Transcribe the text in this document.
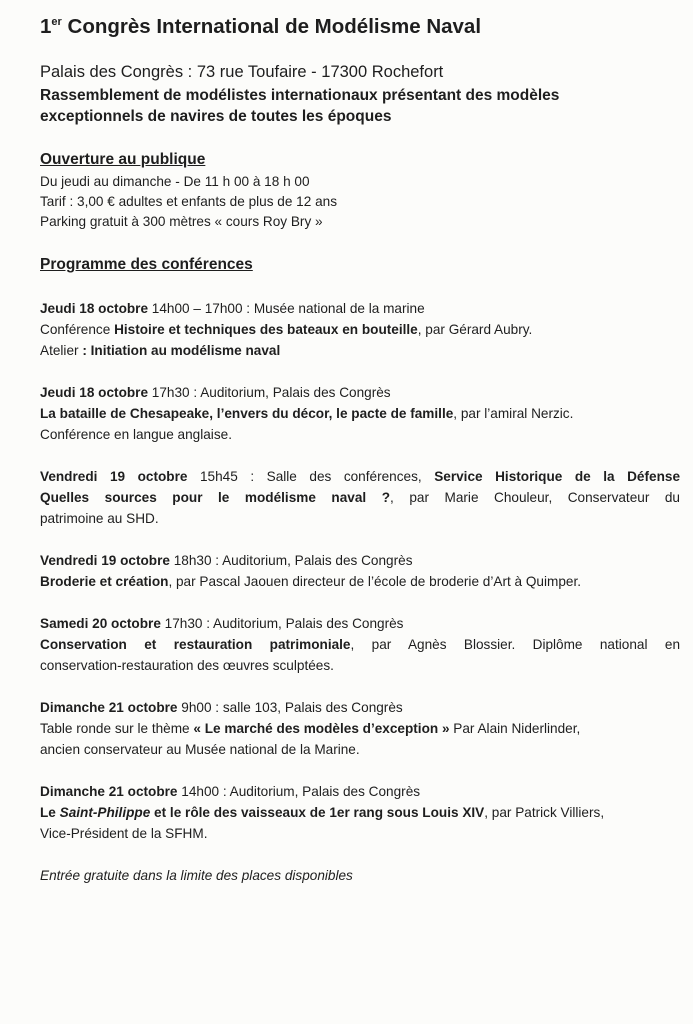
1er Congrès International de Modélisme Naval

Palais des Congrès : 73 rue Toufaire - 17300 Rochefort

Rassemblement de modélistes internationaux présentant des modèles

exceptionnels de navires de toutes les époques

Ouverture au publique

Du jeudi au dimanche - De 11 h 00 à 18 h 00

Tarif : 3,00 € adultes et enfants de plus de 12 ans

Parking gratuit à 300 mètres « cours Roy Bry »

Programme des conférences

Jeudi 18 octobre 14h00 – 17h00 : Musée national de la marine

Conférence Histoire et techniques des bateaux en bouteille, par Gérard Aubry.

Atelier : Initiation au modélisme naval

Jeudi 18 octobre 17h30 : Auditorium, Palais des Congrès

La bataille de Chesapeake, l’envers du décor, le pacte de famille, par l’amiral Nerzic.

Conférence en langue anglaise.

Vendredi 19 octobre 15h45 : Salle des conférences, Service Historique de la Défense

Quelles sources pour le modélisme naval ?, par Marie Chouleur, Conservateur du

patrimoine au SHD.

Vendredi 19 octobre 18h30 : Auditorium, Palais des Congrès

Broderie et création, par Pascal Jaouen directeur de l’école de broderie d’Art à Quimper.

Samedi 20 octobre 17h30 : Auditorium, Palais des Congrès

Conservation et restauration patrimoniale, par Agnès Blossier. Diplôme national en

conservation-restauration des œuvres sculptées.

Dimanche 21 octobre 9h00 : salle 103, Palais des Congrès

Table ronde sur le thème « Le marché des modèles d’exception » Par Alain Niderlinder,

ancien conservateur au Musée national de la Marine.

Dimanche 21 octobre 14h00 : Auditorium, Palais des Congrès

Le Saint-Philippe et le rôle des vaisseaux de 1er rang sous Louis XIV, par Patrick Villiers,

Vice-Président de la SFHM.

Entrée gratuite dans la limite des places disponibles
